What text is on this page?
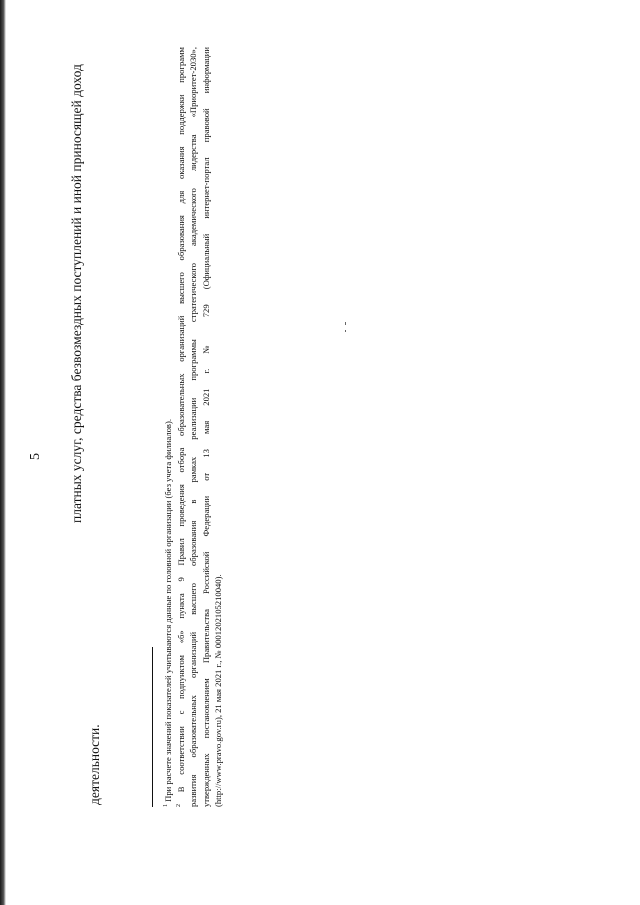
5 платных услуг, средства безвозмездных поступлений и иной приносящей доход
деятельности.
$^1$ При расчете значений показателей учитываются данные по головной организации (без учета филиалов).
$^2$ В соответствии с подпунктом «б» пункта 9 Правил проведения отбора образовательных организаций высшего образования для оказания поддержки программ развития образовательных организаций высшего образования в рамках реализации программы стратегического академического лидерства «Приоритет-2030», утвержденных постановлением Правительства Российской Федерации от 13 мая 2021 г. № 729 (Официальный интернет-портал правовой информации (http://www.pravo.gov.ru), 21 мая 2021 г., № 0001202105210040).
